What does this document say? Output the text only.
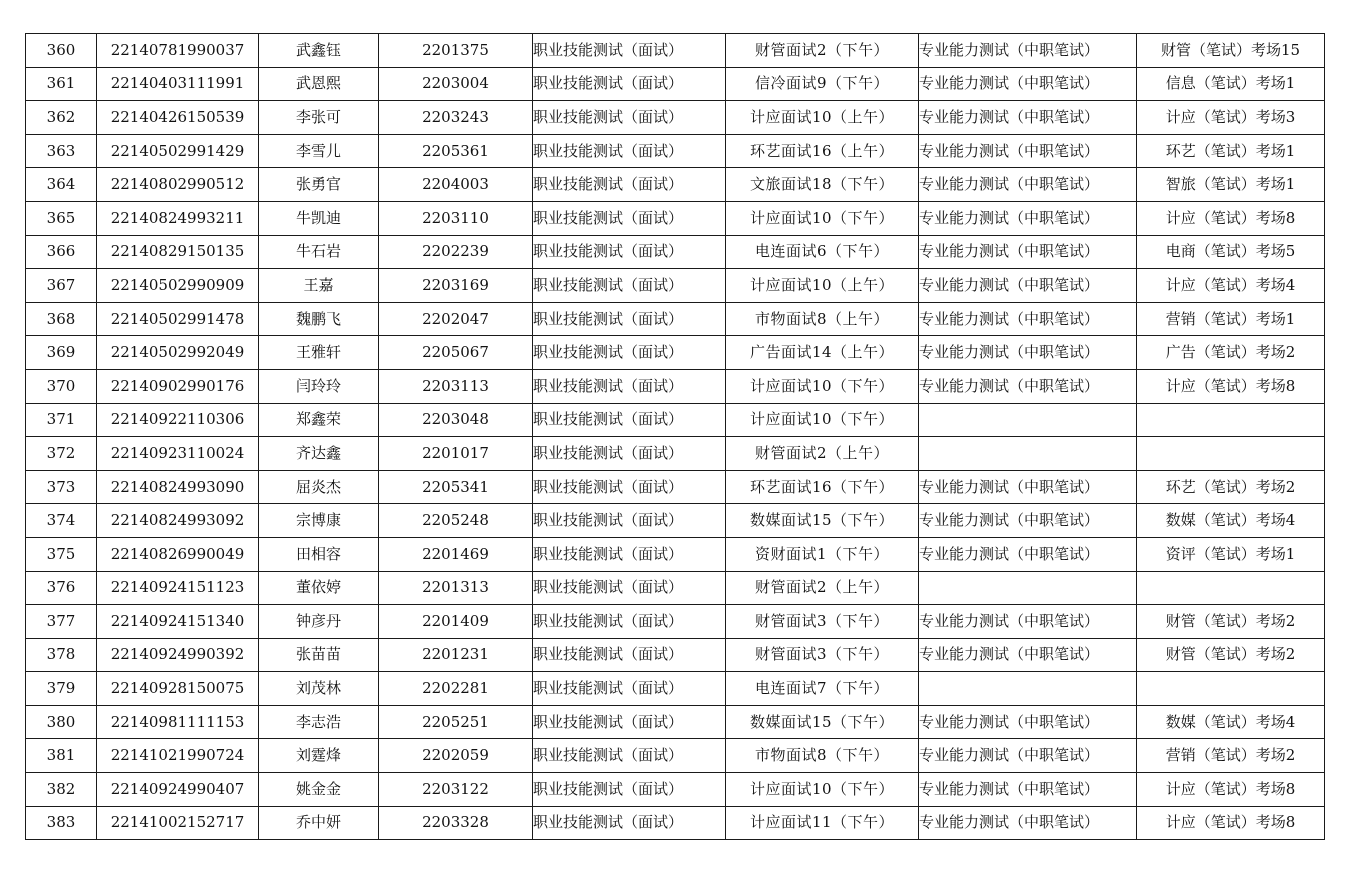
360	22140781990037	武鑫钰	2201375	职业技能测试（面试）	财管面试2（下午）	专业能力测试（中职笔试）	财管（笔试）考场15
361	22140403111991	武恩熙	2203004	职业技能测试（面试）	信冷面试9（下午）	专业能力测试（中职笔试）	信息（笔试）考场1
362	22140426150539	李张可	2203243	职业技能测试（面试）	计应面试10（上午）	专业能力测试（中职笔试）	计应（笔试）考场3
363	22140502991429	李雪儿	2205361	职业技能测试（面试）	环艺面试16（上午）	专业能力测试（中职笔试）	环艺（笔试）考场1
364	22140802990512	张勇官	2204003	职业技能测试（面试）	文旅面试18（下午）	专业能力测试（中职笔试）	智旅（笔试）考场1
365	22140824993211	牛凯迪	2203110	职业技能测试（面试）	计应面试10（下午）	专业能力测试（中职笔试）	计应（笔试）考场8
366	22140829150135	牛石岩	2202239	职业技能测试（面试）	电连面试6（下午）	专业能力测试（中职笔试）	电商（笔试）考场5
367	22140502990909	王嘉	2203169	职业技能测试（面试）	计应面试10（上午）	专业能力测试（中职笔试）	计应（笔试）考场4
368	22140502991478	魏鹏飞	2202047	职业技能测试（面试）	市物面试8（上午）	专业能力测试（中职笔试）	营销（笔试）考场1
369	22140502992049	王雅轩	2205067	职业技能测试（面试）	广告面试14（上午）	专业能力测试（中职笔试）	广告（笔试）考场2
370	22140902990176	闫玲玲	2203113	职业技能测试（面试）	计应面试10（下午）	专业能力测试（中职笔试）	计应（笔试）考场8
371	22140922110306	郑鑫荣	2203048	职业技能测试（面试）	计应面试10（下午）		
372	22140923110024	齐达鑫	2201017	职业技能测试（面试）	财管面试2（上午）		
373	22140824993090	屈炎杰	2205341	职业技能测试（面试）	环艺面试16（下午）	专业能力测试（中职笔试）	环艺（笔试）考场2
374	22140824993092	宗博康	2205248	职业技能测试（面试）	数媒面试15（下午）	专业能力测试（中职笔试）	数媒（笔试）考场4
375	22140826990049	田相容	2201469	职业技能测试（面试）	资财面试1（下午）	专业能力测试（中职笔试）	资评（笔试）考场1
376	22140924151123	董依婷	2201313	职业技能测试（面试）	财管面试2（上午）		
377	22140924151340	钟彦丹	2201409	职业技能测试（面试）	财管面试3（下午）	专业能力测试（中职笔试）	财管（笔试）考场2
378	22140924990392	张苗苗	2201231	职业技能测试（面试）	财管面试3（下午）	专业能力测试（中职笔试）	财管（笔试）考场2
379	22140928150075	刘茂林	2202281	职业技能测试（面试）	电连面试7（下午）		
380	22140981111153	李志浩	2205251	职业技能测试（面试）	数媒面试15（下午）	专业能力测试（中职笔试）	数媒（笔试）考场4
381	22141021990724	刘霆烽	2202059	职业技能测试（面试）	市物面试8（下午）	专业能力测试（中职笔试）	营销（笔试）考场2
382	22140924990407	姚金金	2203122	职业技能测试（面试）	计应面试10（下午）	专业能力测试（中职笔试）	计应（笔试）考场8
383	22141002152717	乔中妍	2203328	职业技能测试（面试）	计应面试11（下午）	专业能力测试（中职笔试）	计应（笔试）考场8
